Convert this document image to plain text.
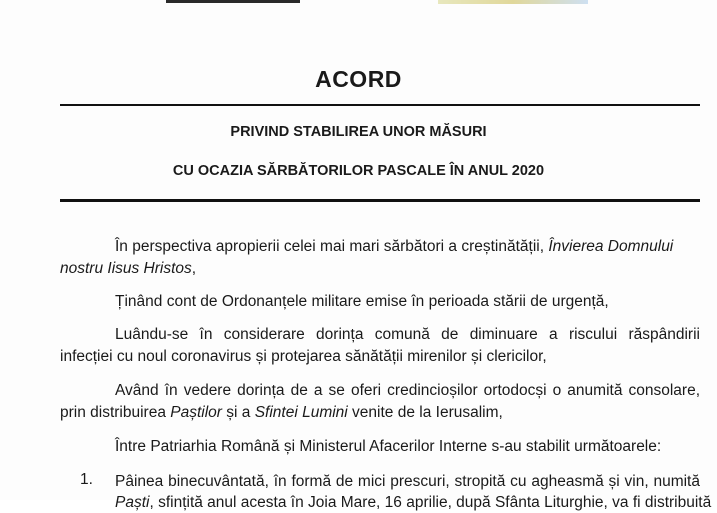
ACORD
PRIVIND STABILIREA UNOR MĂSURI
CU OCAZIA SĂRBĂTORILOR PASCALE ÎN ANUL 2020
În perspectiva apropierii celei mai mari sărbători a creștinătății, Învierea Domnului
nostru Iisus Hristos,
Ținând cont de Ordonanțele militare emise în perioada stării de urgență,
Luându-se în considerare dorința comună de diminuare a riscului răspândirii
infecției cu noul coronavirus și protejarea sănătății mirenilor și clericilor,
Având în vedere dorința de a se oferi credincioșilor ortodocși o anumită consolare,
prin distribuirea Paștilor și a Sfintei Lumini venite de la Ierusalim,
Între Patriarhia Română și Ministerul Afacerilor Interne s-au stabilit următoarele:
1. Pâinea binecuvântată, în formă de mici prescuri, stropită cu agheasmă și vin, numită
Paști, sfințită anul acesta în Joia Mare, 16 aprilie, după Sfânta Liturghie, va fi distribuită
